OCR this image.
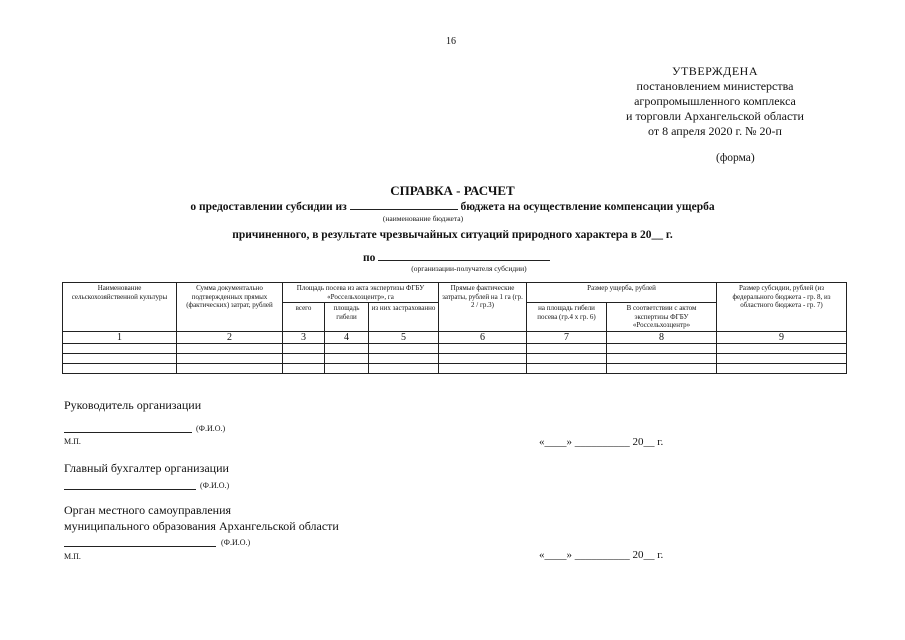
16
УТВЕРЖДЕНА
постановлением министерства
агропромышленного комплекса
и торговли Архангельской области
от 8 апреля 2020 г. № 20-п
(форма)
СПРАВКА - РАСЧЕТ
о предоставлении субсидии из	бюджета на осуществление компенсации ущерба
(наименование бюджета)
причиненного, в результате чрезвычайных ситуаций природного характера в 20__ г.
по
(организации-получателя субсидии)
Наименование сельскохозяйственной культуры	Сумма документально подтвержденных прямых (фактических) затрат, рублей	Площадь посева из акта экспертизы ФГБУ «Россельхозцентр», га			Прямые фактические затраты, рублей на 1 га (гр. 2 / гр.3)	Размер ущерба, рублей		Размер субсидии, рублей (из федерального бюджета - гр. 8, из областного бюджета - гр. 7)
		всего	площадь гибели	из них застрахованно		на площадь гибели посева (гр.4 х гр. 6)	В соответствии с актом экспертизы ФГБУ «Россельхозцентр»	
1	2	3	4	5	6	7	8	9

Руководитель организации
(Ф.И.О.)
М.П.	«____» __________ 20__ г.
Главный бухгалтер организации
(Ф.И.О.)
Орган местного самоуправления
муниципального образования Архангельской области
(Ф.И.О.)
М.П.	«____» __________ 20__ г.
